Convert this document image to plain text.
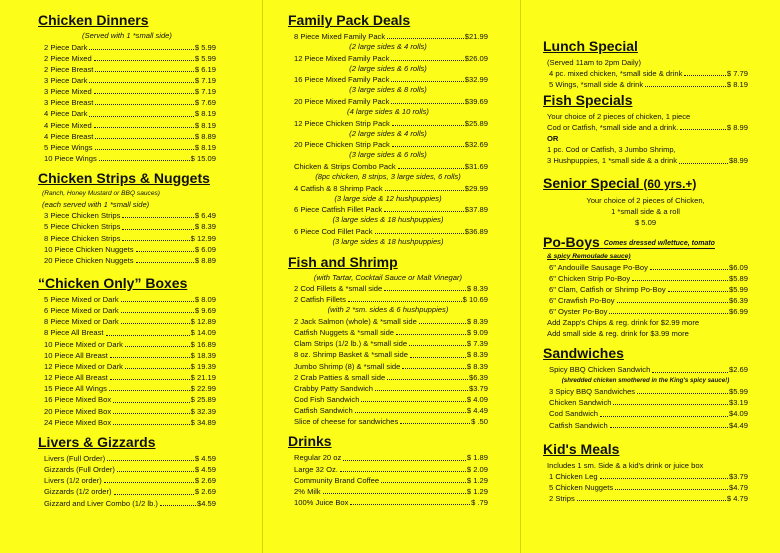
Chicken Dinners
(Served with 1 *small side)
2 Piece Dark	$ 5.99
2 Piece Mixed	$ 5.99
2 Piece Breast	$ 6.19
3 Piece Dark	$ 7.19
3 Piece Mixed	$ 7.19
3 Piece Breast	$ 7.69
4 Piece Dark	$ 8.19
4 Piece Mixed	$ 8.19
4 Piece Breast	$ 8.89
5 Piece Wings	$ 8.19
10 Piece Wings	$ 15.09
Chicken Strips & Nuggets
(Ranch, Honey Mustard or BBQ sauces)
(each served with 1 *small side)
3 Piece Chicken Strips	$ 6.49
5 Piece Chicken Strips	$ 8.39
8 Piece Chicken Strips	$ 12.99
10 Piece Chicken Nuggets	$ 6.09
20 Piece Chicken Nuggets	$ 8.89
“Chicken Only” Boxes
5 Piece Mixed or Dark	$ 8.09
6 Piece Mixed or Dark	$ 9.69
8 Piece Mixed or Dark	$ 12.89
8 Piece All Breast	$ 14.09
10 Piece Mixed or Dark	$ 16.89
10 Piece All Breast	$ 18.39
12 Piece Mixed or Dark	$ 19.39
12 Piece All Breast	$ 21.19
15 Piece All Wings	$ 22.99
16 Piece Mixed Box	$ 25.89
20 Piece Mixed Box	$ 32.39
24 Piece Mixed Box	$ 34.89
Livers & Gizzards
Livers (Full Order)	$ 4.59
Gizzards (Full Order)	$ 4.59
Livers (1/2 order)	$ 2.69
Gizzards (1/2 order)	$ 2.69
Gizzard and Liver Combo (1/2 lb.)	$4.59
Family Pack Deals
8 Piece Mixed Family Pack	$21.99
(2 large sides & 4 rolls)
12 Piece Mixed Family Pack	$26.09
(2 large sides & 6 rolls)
16 Piece Mixed Family Pack	$32.99
(3 large sides & 8 rolls)
20 Piece Mixed Family Pack	$39.69
(4 large sides & 10 rolls)
12 Piece Chicken Strip Pack	$25.89
(2 large sides & 4 rolls)
20 Piece Chicken Strip Pack	$32.69
(3 large sides & 6 rolls)
Chicken & Strips Combo Pack	$31.69
(8pc chicken, 8 strips, 3 large sides, 6 rolls)
4 Catfish & 8 Shrimp Pack	$29.99
(3 large side & 12 hushpuppies)
6 Piece Catfish Fillet Pack	$37.89
(3 large sides & 18 hushpuppies)
6 Piece Cod Fillet Pack	$36.89
(3 large sides & 18 hushpuppies)
Fish and Shrimp
(with Tartar, Cocktail Sauce or Malt Vinegar)
2 Cod Fillets & *small side	$ 8.39
2 Catfish Fillets	$ 10.69
(with 2 *sm. sides & 6 hushpuppies)
2 Jack Salmon (whole) & *small side	$ 8.39
Catfish Nuggets & *small side	$ 9.09
Clam Strips (1/2 lb.) & *small side	$ 7.39
8 oz. Shrimp Basket & *small side	$ 8.39
Jumbo Shrimp (8) & *small side	$ 8.39
2 Crab Patties & small side	$6.39
Crabby Patty Sandwich	$3.79
Cod Fish Sandwich	$ 4.09
Catfish Sandwich	$ 4.49
Slice of cheese for sandwiches	$ .50
Drinks
Regular 20 oz	$ 1.89
Large 32 Oz.	$ 2.09
Community Brand Coffee	$ 1.29
2% Milk	$ 1.29
100% Juice Box	$ .79
Lunch Special
(Served 11am to 2pm Daily)
4 pc. mixed chicken, *small side & drink	$ 7.79
5 Wings, *small side & drink	$ 8.19
Fish Specials
Your choice of 2 pieces of chicken, 1 piece
Cod or Catfish, *small side and a drink.	$ 8.99
OR
1 pc. Cod or Catfish, 3 Jumbo Shrimp,
3 Hushpuppies, 1 *small side & a drink	$8.99
Senior Special (60 yrs.+)
Your choice of 2 pieces of Chicken,
1 *small side & a roll
$ 5.09
Po-Boys Comes dressed w/lettuce, tomato
& spicy Remoulade sauce)
6" Andouille Sausage Po-Boy	$6.09
6" Chicken Strip Po-Boy	$5.89
6" Clam, Catfish or Shrimp Po-Boy	$5.99
6" Crawfish Po-Boy	$6.39
6" Oyster Po-Boy	$6.99
Add Zapp's Chips & reg. drink for $2.99 more
Add small side & reg. drink for $3.99 more
Sandwiches
Spicy BBQ Chicken Sandwich	$2.69
(shredded chicken smothered in the King's spicy sauce!)
3 Spicy BBQ Sandwiches	$5.99
Chicken Sandwich	$3.19
Cod Sandwich	$4.09
Catfish Sandwich	$4.49
Kid's Meals
Includes 1 sm. Side & a kid's drink or juice box
1 Chicken Leg	$3.79
5 Chicken Nuggets	$4.79
2 Strips	$ 4.79
